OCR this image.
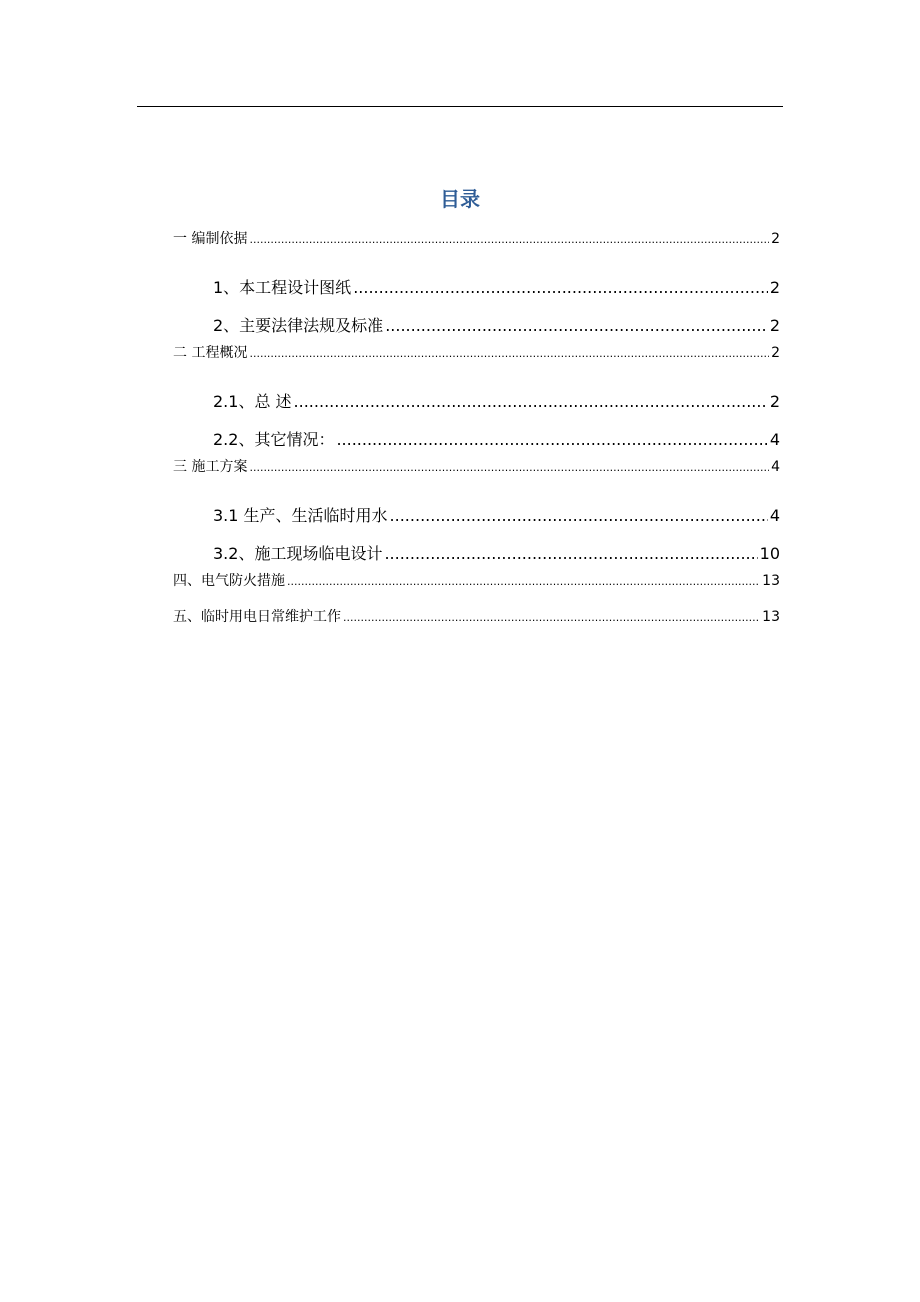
目录
一 编制依据 .....	2
1、本工程设计图纸 .....	2
2、主要法律法规及标准 .....	2
二 工程概况 .....	2
2.1、总 述 .....	2
2.2、其它情况： .....	4
三 施工方案 .....	4
3.1 生产、生活临时用水 .....	4
3.2、施工现场临电设计 .....	10
四、电气防火措施 .....	13
五、临时用电日常维护工作 .....	13
